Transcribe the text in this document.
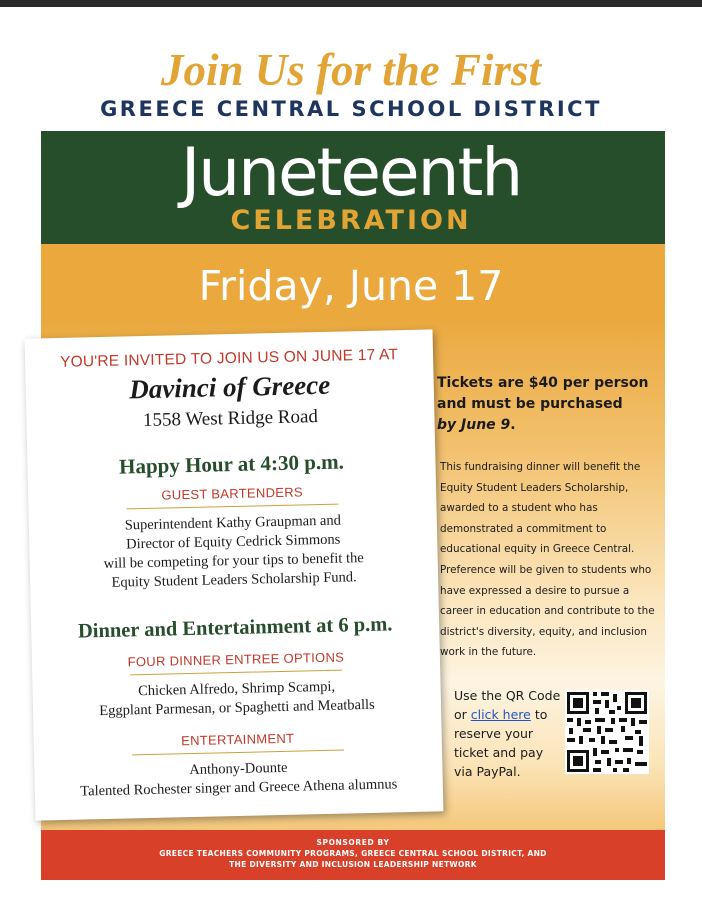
Join Us for the First
GREECE CENTRAL SCHOOL DISTRICT
Juneteenth
CELEBRATION
Friday, June 17
YOU'RE INVITED TO JOIN US ON JUNE 17 AT
Davinci of Greece
1558 West Ridge Road
Happy Hour at 4:30 p.m.
GUEST BARTENDERS
Superintendent Kathy Graupman and
Director of Equity Cedrick Simmons
will be competing for your tips to benefit the
Equity Student Leaders Scholarship Fund.
Dinner and Entertainment at 6 p.m.
FOUR DINNER ENTREE OPTIONS
Chicken Alfredo, Shrimp Scampi,
Eggplant Parmesan, or Spaghetti and Meatballs
ENTERTAINMENT
Anthony-Dounte
Talented Rochester singer and Greece Athena alumnus
Tickets are $40 per person
and must be purchased
by June 9.
This fundraising dinner will benefit the Equity Student Leaders Scholarship, awarded to a student who has demonstrated a commitment to educational equity in Greece Central. Preference will be given to students who have expressed a desire to pursue a career in education and contribute to the district's diversity, equity, and inclusion work in the future.
Use the QR Code or click here to reserve your ticket and pay via PayPal.
SPONSORED BY
GREECE TEACHERS COMMUNITY PROGRAMS, GREECE CENTRAL SCHOOL DISTRICT, AND
THE DIVERSITY AND INCLUSION LEADERSHIP NETWORK
